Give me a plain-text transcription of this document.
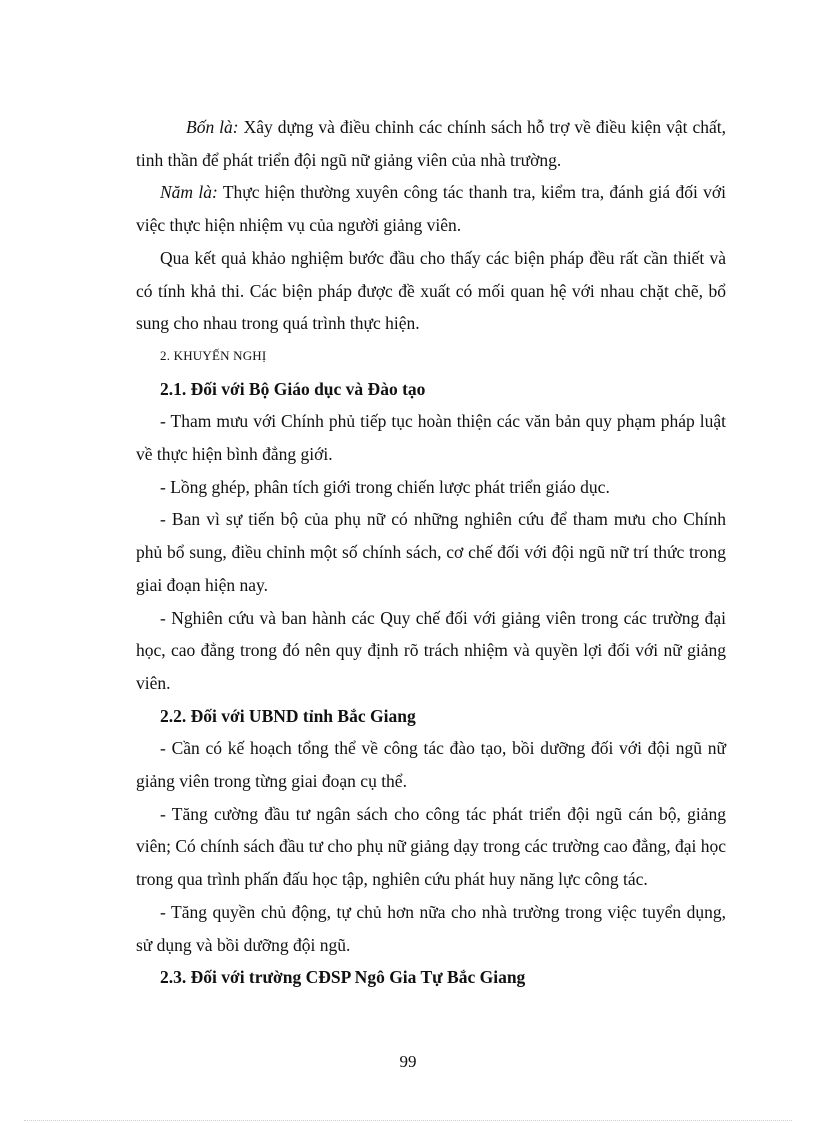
Bốn là: Xây dựng và điều chỉnh các chính sách hỗ trợ về điều kiện vật chất, tinh thần để phát triển đội ngũ nữ giảng viên của nhà trường.

Năm là: Thực hiện thường xuyên công tác thanh tra, kiểm tra, đánh giá đối với việc thực hiện nhiệm vụ của người giảng viên.

Qua kết quả khảo nghiệm bước đầu cho thấy các biện pháp đều rất cần thiết và có tính khả thi. Các biện pháp được đề xuất có mối quan hệ với nhau chặt chẽ, bổ sung cho nhau trong quá trình thực hiện.

2. KHUYẾN NGHỊ

2.1. Đối với Bộ Giáo dục và Đào tạo

- Tham mưu với Chính phủ tiếp tục hoàn thiện các văn bản quy phạm pháp luật về thực hiện bình đẳng giới.

- Lồng ghép, phân tích giới trong chiến lược phát triển giáo dục.

- Ban vì sự tiến bộ của phụ nữ có những nghiên cứu để tham mưu cho Chính phủ bổ sung, điều chỉnh một số chính sách, cơ chế đối với đội ngũ nữ trí thức trong giai đoạn hiện nay.

- Nghiên cứu và ban hành các Quy chế đối với giảng viên trong các trường đại học, cao đẳng trong đó nên quy định rõ trách nhiệm và quyền lợi đối với nữ giảng viên.

2.2. Đối với UBND tỉnh Bắc Giang

- Cần có kế hoạch tổng thể về công tác đào tạo, bồi dưỡng đối với đội ngũ nữ giảng viên trong từng giai đoạn cụ thể.

- Tăng cường đầu tư ngân sách cho công tác phát triển đội ngũ cán bộ, giảng viên; Có chính sách đầu tư cho phụ nữ giảng dạy trong các trường cao đẳng, đại học trong qua trình phấn đấu học tập, nghiên cứu phát huy năng lực công tác.

- Tăng quyền chủ động, tự chủ hơn nữa cho nhà trường trong việc tuyển dụng, sử dụng và bồi dưỡng đội ngũ.

2.3. Đối với trường CĐSP Ngô Gia Tự Bắc Giang

99
